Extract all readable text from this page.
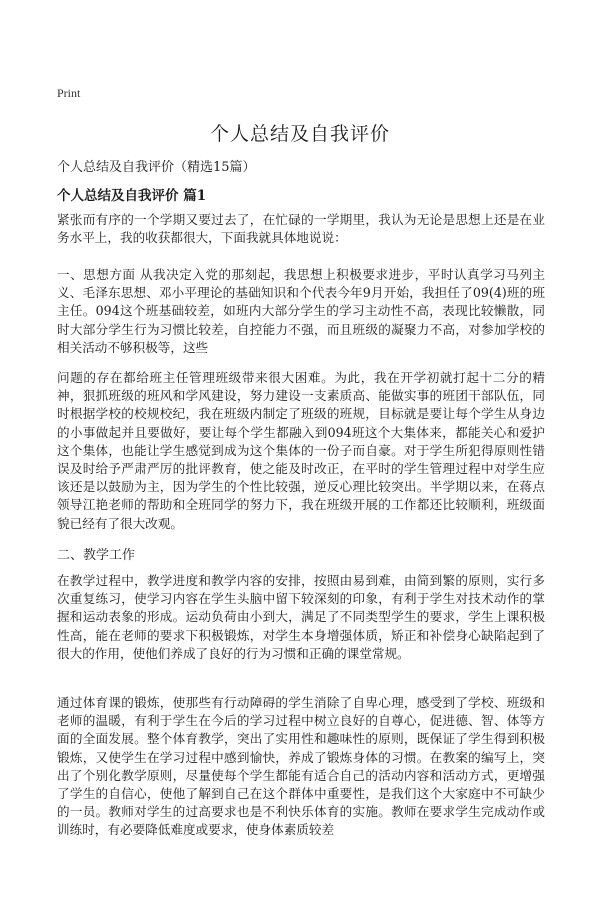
Print
个人总结及自我评价
个人总结及自我评价（精选15篇）
个人总结及自我评价 篇1

紧张而有序的一个学期又要过去了，在忙碌的一学期里，我认为无论是思想上还是在业务水平上，我的收获都很大，下面我就具体地说说：

一、思想方面 从我决定入党的那刻起，我思想上积极要求进步，平时认真学习马列主义、毛泽东思想、邓小平理论的基础知识和个代表今年9月开始，我担任了09(4)班的班主任。094这个班基础较差，如班内大部分学生的学习主动性不高，表现比较懒散，同时大部分学生行为习惯比较差，自控能力不强，而且班级的凝聚力不高，对参加学校的相关活动不够积极等，这些

问题的存在都给班主任管理班级带来很大困难。为此，我在开学初就打起十二分的精神，狠抓班级的班风和学风建设，努力建设一支素质高、能做实事的班团干部队伍，同时根据学校的校规校纪，我在班级内制定了班级的班规，目标就是要让每个学生从身边的小事做起并且要做好，要让每个学生都融入到094班这个大集体来，都能关心和爱护这个集体，也能让学生感觉到成为这个集体的一份子而自豪。对于学生所犯得原则性错误及时给予严肃严厉的批评教育，使之能及时改正，在平时的学生管理过程中对学生应该还是以鼓励为主，因为学生的个性比较强，逆反心理比较突出。半学期以来，在蒋点领导江艳老师的帮助和全班同学的努力下，我在班级开展的工作都还比较顺利，班级面貌已经有了很大改观。

二、教学工作

在教学过程中，教学进度和教学内容的安排，按照由易到难，由简到繁的原则，实行多次重复练习，使学习内容在学生头脑中留下较深刻的印象，有利于学生对技术动作的掌握和运动表象的形成。运动负荷由小到大，满足了不同类型学生的要求，学生上课积极性高，能在老师的要求下积极锻炼，对学生本身增强体质，矫正和补偿身心缺陷起到了很大的作用，使他们养成了良好的行为习惯和正确的课堂常规。

通过体育课的锻炼，使那些有行动障碍的学生消除了自卑心理，感受到了学校、班级和老师的温暖，有利于学生在今后的学习过程中树立良好的自尊心，促进德、智、体等方面的全面发展。整个体育教学，突出了实用性和趣味性的原则，既保证了学生得到积极锻炼，又使学生在学习过程中感到愉快，养成了锻炼身体的习惯。在教案的编写上，突出了个别化教学原则，尽量使每个学生都能有适合自己的活动内容和活动方式，更增强了学生的自信心，使他了解到自己在这个群体中重要性，是我们这个大家庭中不可缺少的一员。教师对学生的过高要求也是不利快乐体育的实施。教师在要求学生完成动作或训练时，有必要降低难度或要求，使身体素质较差
